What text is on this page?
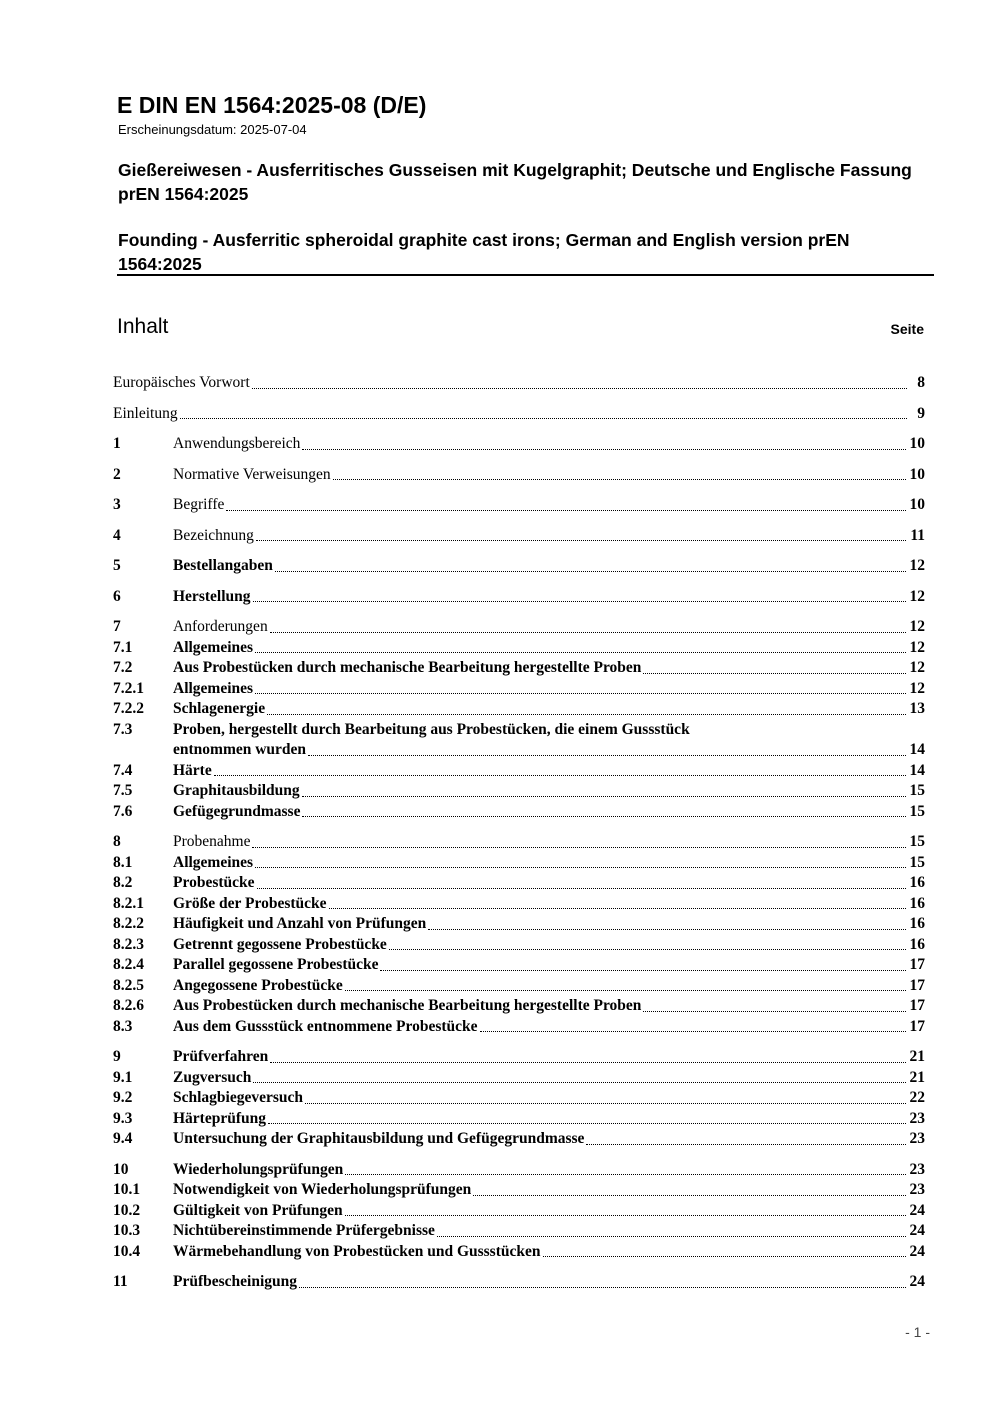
E DIN EN 1564:2025-08 (D/E)
Erscheinungsdatum: 2025-07-04
Gießereiwesen - Ausferritisches Gusseisen mit Kugelgraphit; Deutsche und Englische Fassung prEN 1564:2025
Founding - Ausferritic spheroidal graphite cast irons; German and English version prEN 1564:2025
Inhalt	Seite
Europäisches Vorwort	8
Einleitung	9
1	Anwendungsbereich	10
2	Normative Verweisungen	10
3	Begriffe	10
4	Bezeichnung	11
5	Bestellangaben	12
6	Herstellung	12
7	Anforderungen	12
7.1	Allgemeines	12
7.2	Aus Probestücken durch mechanische Bearbeitung hergestellte Proben	12
7.2.1	Allgemeines	12
7.2.2	Schlagenergie	13
7.3	Proben, hergestellt durch Bearbeitung aus Probestücken, die einem Gussstück
entnommen wurden	14
7.4	Härte	14
7.5	Graphitausbildung	15
7.6	Gefügegrundmasse	15
8	Probenahme	15
8.1	Allgemeines	15
8.2	Probestücke	16
8.2.1	Größe der Probestücke	16
8.2.2	Häufigkeit und Anzahl von Prüfungen	16
8.2.3	Getrennt gegossene Probestücke	16
8.2.4	Parallel gegossene Probestücke	17
8.2.5	Angegossene Probestücke	17
8.2.6	Aus Probestücken durch mechanische Bearbeitung hergestellte Proben	17
8.3	Aus dem Gussstück entnommene Probestücke	17
9	Prüfverfahren	21
9.1	Zugversuch	21
9.2	Schlagbiegeversuch	22
9.3	Härteprüfung	23
9.4	Untersuchung der Graphitausbildung und Gefügegrundmasse	23
10	Wiederholungsprüfungen	23
10.1	Notwendigkeit von Wiederholungsprüfungen	23
10.2	Gültigkeit von Prüfungen	24
10.3	Nichtübereinstimmende Prüfergebnisse	24
10.4	Wärmebehandlung von Probestücken und Gussstücken	24
11	Prüfbescheinigung	24
- 1 -
